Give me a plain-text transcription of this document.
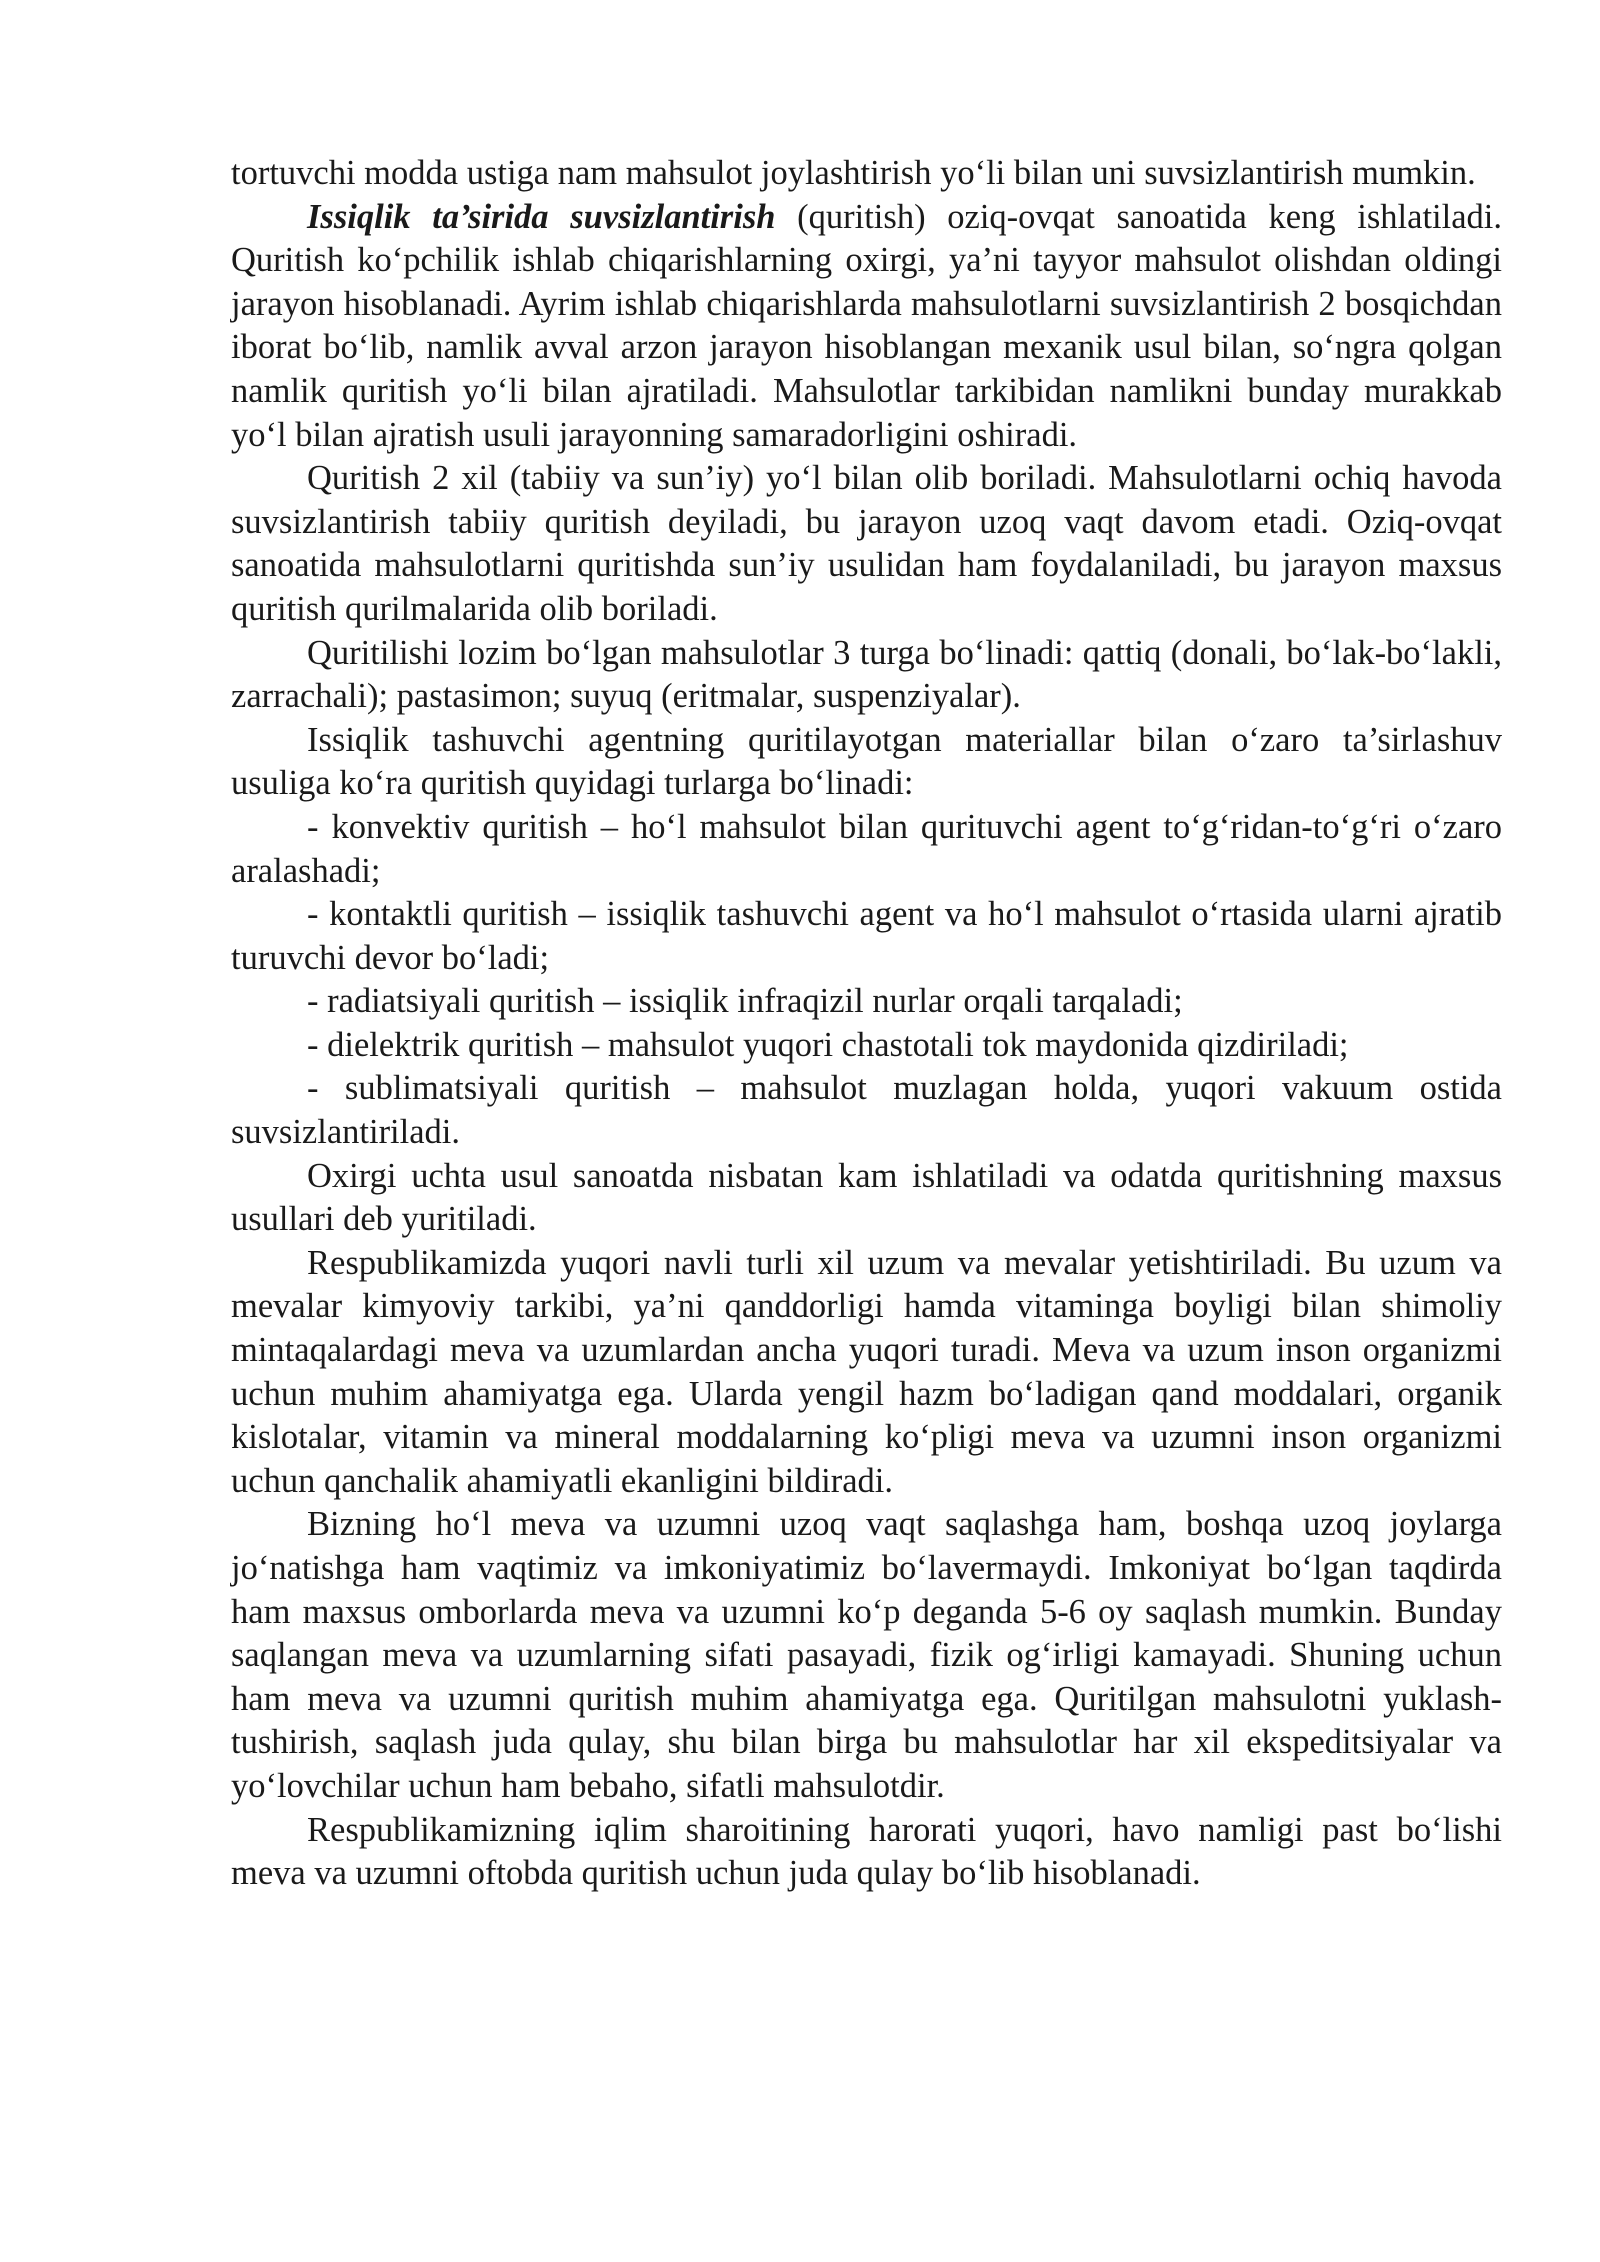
tortuvchi modda ustiga nam mahsulot joylashtirish yo‘li bilan uni suvsizlantirish mumkin.

Issiqlik ta’sirida suvsizlantirish (quritish) oziq-ovqat sanoatida keng ishlatiladi. Quritish ko‘pchilik ishlab chiqarishlarning oxirgi, ya’ni tayyor mahsulot olishdan oldingi jarayon hisoblanadi. Ayrim ishlab chiqarishlarda mahsulotlarni suvsizlantirish 2 bosqichdan iborat bo‘lib, namlik avval arzon jarayon hisoblangan mexanik usul bilan, so‘ngra qolgan namlik quritish yo‘li bilan ajratiladi. Mahsulotlar tarkibidan namlikni bunday murakkab yo‘l bilan ajratish usuli jarayonning samaradorligini oshiradi.

Quritish 2 xil (tabiiy va sun’iy) yo‘l bilan olib boriladi. Mahsulotlarni ochiq havoda suvsizlantirish tabiiy quritish deyiladi, bu jarayon uzoq vaqt davom etadi. Oziq-ovqat sanoatida mahsulotlarni quritishda sun’iy usulidan ham foydalaniladi, bu jarayon maxsus quritish qurilmalarida olib boriladi.

Quritilishi lozim bo‘lgan mahsulotlar 3 turga bo‘linadi: qattiq (donali, bo‘lak-bo‘lakli, zarrachali); pastasimon; suyuq (eritmalar, suspenziyalar).

Issiqlik tashuvchi agentning quritilayotgan materiallar bilan o‘zaro ta’sirlashuv usuliga ko‘ra quritish quyidagi turlarga bo‘linadi:

- konvektiv quritish – ho‘l mahsulot bilan qurituvchi agent to‘g‘ridan-to‘g‘ri o‘zaro aralashadi;

- kontaktli quritish – issiqlik tashuvchi agent va ho‘l mahsulot o‘rtasida ularni ajratib turuvchi devor bo‘ladi;

- radiatsiyali quritish – issiqlik infraqizil nurlar orqali tarqaladi;

- dielektrik quritish – mahsulot yuqori chastotali tok maydonida qizdiriladi;

- sublimatsiyali quritish – mahsulot muzlagan holda, yuqori vakuum ostida suvsizlantiriladi.

Oxirgi uchta usul sanoatda nisbatan kam ishlatiladi va odatda quritishning maxsus usullari deb yuritiladi.

Respublikamizda yuqori navli turli xil uzum va mevalar yetishtiriladi. Bu uzum va mevalar kimyoviy tarkibi, ya’ni qanddorligi hamda vitaminga boyligi bilan shimoliy mintaqalardagi meva va uzumlardan ancha yuqori turadi. Meva va uzum inson organizmi uchun muhim ahamiyatga ega. Ularda yengil hazm bo‘ladigan qand moddalari, organik kislotalar, vitamin va mineral moddalarning ko‘pligi meva va uzumni inson organizmi uchun qanchalik ahamiyatli ekanligini bildiradi.

Bizning ho‘l meva va uzumni uzoq vaqt saqlashga ham, boshqa uzoq joylarga jo‘natishga ham vaqtimiz va imkoniyatimiz bo‘lavermaydi. Imkoniyat bo‘lgan taqdirda ham maxsus omborlarda meva va uzumni ko‘p deganda 5-6 oy saqlash mumkin. Bunday saqlangan meva va uzumlarning sifati pasayadi, fizik og‘irligi kamayadi. Shuning uchun ham meva va uzumni quritish muhim ahamiyatga ega. Quritilgan mahsulotni yuklash-tushirish, saqlash juda qulay, shu bilan birga bu mahsulotlar har xil ekspeditsiyalar va yo‘lovchilar uchun ham bebaho, sifatli mahsulotdir.

Respublikamizning iqlim sharoitining harorati yuqori, havo namligi past bo‘lishi meva va uzumni oftobda quritish uchun juda qulay bo‘lib hisoblanadi.
